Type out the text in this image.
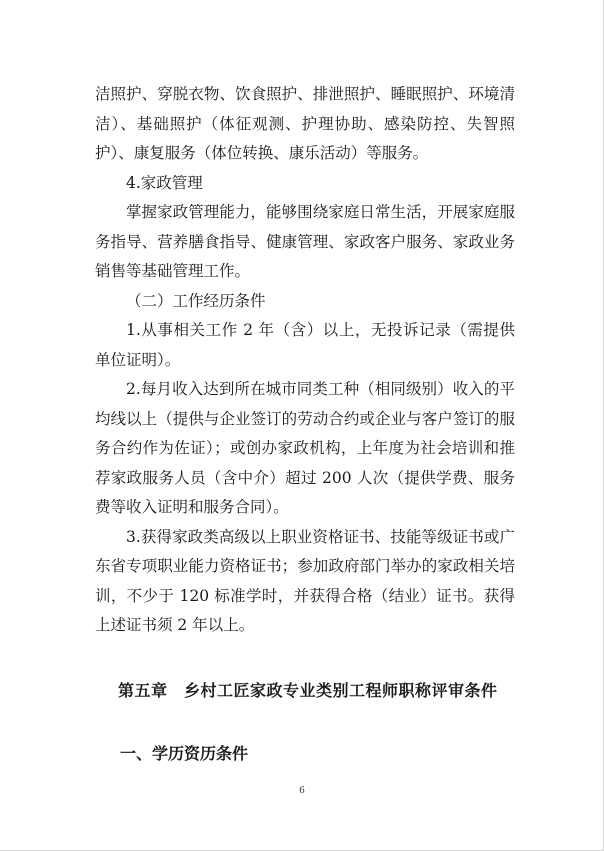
洁照护、穿脱衣物、饮食照护、排泄照护、睡眠照护、环境清洁）、基础照护（体征观测、护理协助、感染防控、失智照护）、康复服务（体位转换、康乐活动）等服务。

4.家政管理

掌握家政管理能力，能够围绕家庭日常生活，开展家庭服务指导、营养膳食指导、健康管理、家政客户服务、家政业务销售等基础管理工作。

（二）工作经历条件

1.从事相关工作 2 年（含）以上，无投诉记录（需提供单位证明）。

2.每月收入达到所在城市同类工种（相同级别）收入的平均线以上（提供与企业签订的劳动合约或企业与客户签订的服务合约作为佐证）；或创办家政机构，上年度为社会培训和推荐家政服务人员（含中介）超过 200 人次（提供学费、服务费等收入证明和服务合同）。

3.获得家政类高级以上职业资格证书、技能等级证书或广东省专项职业能力资格证书；参加政府部门举办的家政相关培训，不少于 120 标准学时，并获得合格（结业）证书。获得上述证书须 2 年以上。

第五章　乡村工匠家政专业类别工程师职称评审条件
一、学历资历条件
6
